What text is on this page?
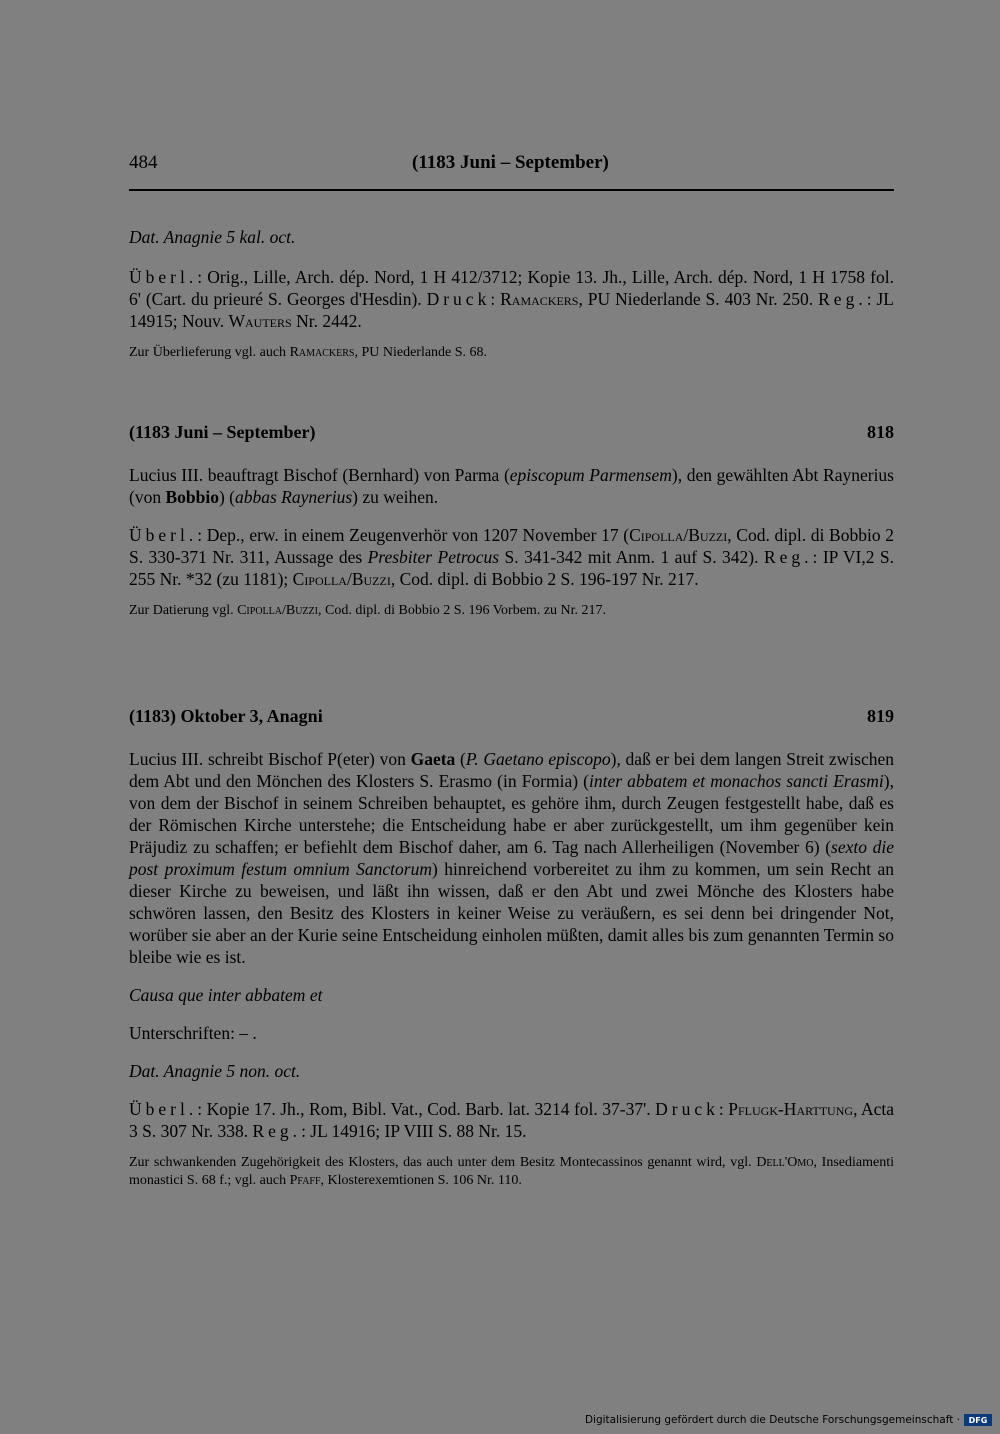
484	(1183 Juni – September)

Dat. Anagnie 5 kal. oct.

Überl.: Orig., Lille, Arch. dép. Nord, 1 H 412/3712; Kopie 13. Jh., Lille, Arch. dép. Nord, 1 H 1758 fol. 6' (Cart. du prieuré S. Georges d'Hesdin). Druck: Ramackers, PU Niederlande S. 403 Nr. 250. Reg.: JL 14915; Nouv. Wauters Nr. 2442.

Zur Überlieferung vgl. auch Ramackers, PU Niederlande S. 68.

(1183 Juni – September)	818

Lucius III. beauftragt Bischof (Bernhard) von Parma (episcopum Parmensem), den gewählten Abt Raynerius (von Bobbio) (abbas Raynerius) zu weihen.

Überl.: Dep., erw. in einem Zeugenverhör von 1207 November 17 (Cipolla/Buzzi, Cod. dipl. di Bobbio 2 S. 330-371 Nr. 311, Aussage des Presbiter Petrocus S. 341-342 mit Anm. 1 auf S. 342). Reg.: IP VI,2 S. 255 Nr. *32 (zu 1181); Cipolla/Buzzi, Cod. dipl. di Bobbio 2 S. 196-197 Nr. 217.

Zur Datierung vgl. Cipolla/Buzzi, Cod. dipl. di Bobbio 2 S. 196 Vorbem. zu Nr. 217.

(1183) Oktober 3, Anagni	819

Lucius III. schreibt Bischof P(eter) von Gaeta (P. Gaetano episcopo), daß er bei dem langen Streit zwischen dem Abt und den Mönchen des Klosters S. Erasmo (in Formia) (inter abbatem et monachos sancti Erasmi), von dem der Bischof in seinem Schreiben behauptet, es gehöre ihm, durch Zeugen festgestellt habe, daß es der Römischen Kirche unterstehe; die Entscheidung habe er aber zurückgestellt, um ihm gegenüber kein Präjudiz zu schaffen; er befiehlt dem Bischof daher, am 6. Tag nach Allerheiligen (November 6) (sexto die post proximum festum omnium Sanctorum) hinreichend vorbereitet zu ihm zu kommen, um sein Recht an dieser Kirche zu beweisen, und läßt ihn wissen, daß er den Abt und zwei Mönche des Klosters habe schwören lassen, den Besitz des Klosters in keiner Weise zu veräußern, es sei denn bei dringender Not, worüber sie aber an der Kurie seine Entscheidung einholen müßten, damit alles bis zum genannten Termin so bleibe wie es ist.

Causa que inter abbatem et

Unterschriften: – .

Dat. Anagnie 5 non. oct.

Überl.: Kopie 17. Jh., Rom, Bibl. Vat., Cod. Barb. lat. 3214 fol. 37-37'. Druck: Pflugk-Harttung, Acta 3 S. 307 Nr. 338. Reg.: JL 14916; IP VIII S. 88 Nr. 15.

Zur schwankenden Zugehörigkeit des Klosters, das auch unter dem Besitz Montecassinos genannt wird, vgl. Dell'Omo, Insediamenti monastici S. 68 f.; vgl. auch Pfaff, Klosterexemtionen S. 106 Nr. 110.

Digitalisierung gefördert durch die Deutsche Forschungsgemeinschaft ·	DFG
